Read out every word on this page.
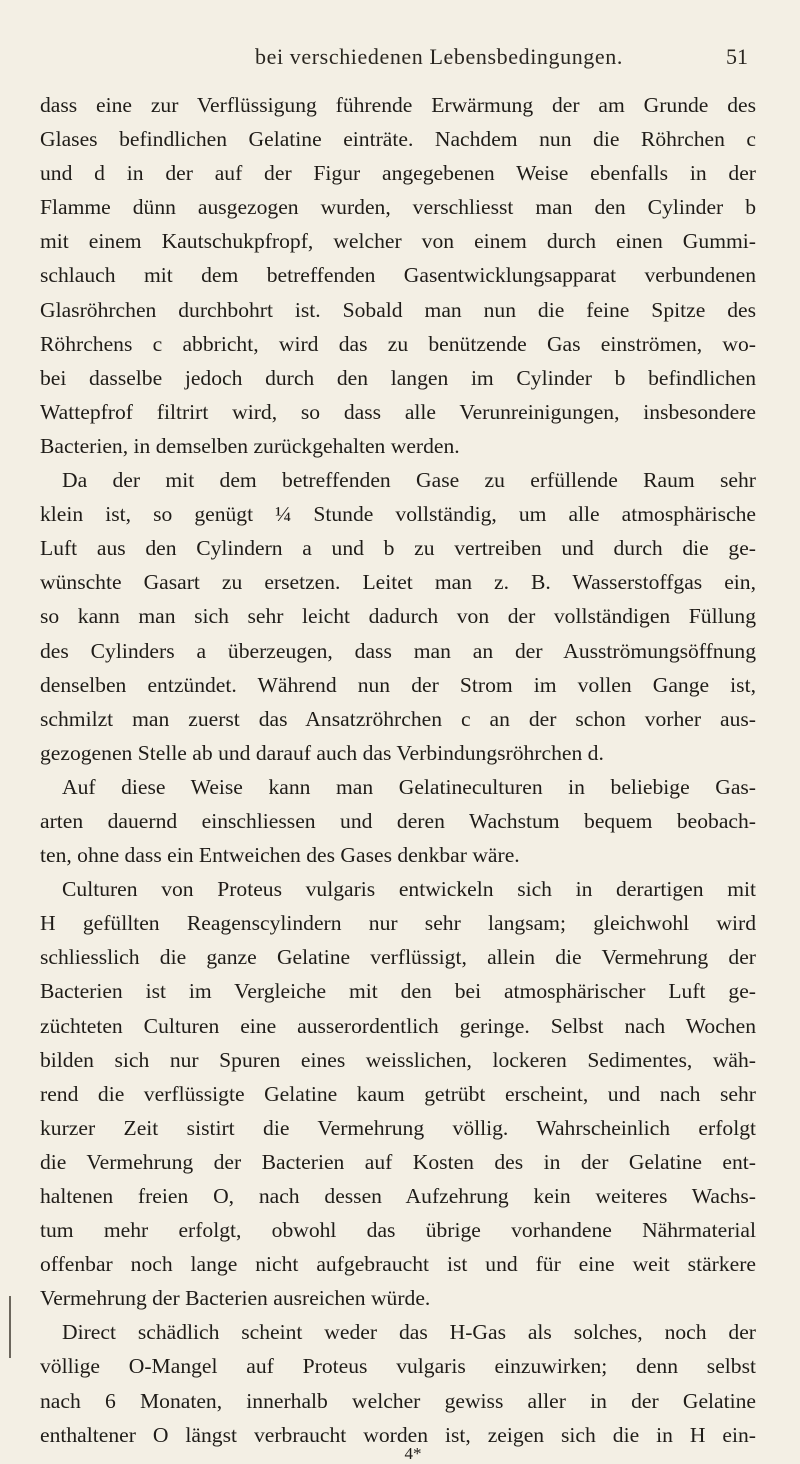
bei verschiedenen Lebensbedingungen.	51
dass eine zur Verflüssigung führende Erwärmung der am Grunde des
Glases befindlichen Gelatine einträte. Nachdem nun die Röhrchen c
und d in der auf der Figur angegebenen Weise ebenfalls in der
Flamme dünn ausgezogen wurden, verschliesst man den Cylinder b
mit einem Kautschukpfropf, welcher von einem durch einen Gummi-
schlauch mit dem betreffenden Gasentwicklungsapparat verbundenen
Glasröhrchen durchbohrt ist. Sobald man nun die feine Spitze des
Röhrchens c abbricht, wird das zu benützende Gas einströmen, wo-
bei dasselbe jedoch durch den langen im Cylinder b befindlichen
Wattepfrof filtrirt wird, so dass alle Verunreinigungen, insbesondere
Bacterien, in demselben zurückgehalten werden.
Da der mit dem betreffenden Gase zu erfüllende Raum sehr
klein ist, so genügt ¼ Stunde vollständig, um alle atmosphärische
Luft aus den Cylindern a und b zu vertreiben und durch die ge-
wünschte Gasart zu ersetzen. Leitet man z. B. Wasserstoffgas ein,
so kann man sich sehr leicht dadurch von der vollständigen Füllung
des Cylinders a überzeugen, dass man an der Ausströmungsöffnung
denselben entzündet. Während nun der Strom im vollen Gange ist,
schmilzt man zuerst das Ansatzröhrchen c an der schon vorher aus-
gezogenen Stelle ab und darauf auch das Verbindungsröhrchen d.
Auf diese Weise kann man Gelatineculturen in beliebige Gas-
arten dauernd einschliessen und deren Wachstum bequem beobach-
ten, ohne dass ein Entweichen des Gases denkbar wäre.
Culturen von Proteus vulgaris entwickeln sich in derartigen mit
H gefüllten Reagenscylindern nur sehr langsam; gleichwohl wird
schliesslich die ganze Gelatine verflüssigt, allein die Vermehrung der
Bacterien ist im Vergleiche mit den bei atmosphärischer Luft ge-
züchteten Culturen eine ausserordentlich geringe. Selbst nach Wochen
bilden sich nur Spuren eines weisslichen, lockeren Sedimentes, wäh-
rend die verflüssigte Gelatine kaum getrübt erscheint, und nach sehr
kurzer Zeit sistirt die Vermehrung völlig. Wahrscheinlich erfolgt
die Vermehrung der Bacterien auf Kosten des in der Gelatine ent-
haltenen freien O, nach dessen Aufzehrung kein weiteres Wachs-
tum mehr erfolgt, obwohl das übrige vorhandene Nährmaterial
offenbar noch lange nicht aufgebraucht ist und für eine weit stärkere
Vermehrung der Bacterien ausreichen würde.
Direct schädlich scheint weder das H-Gas als solches, noch der
völlige O-Mangel auf Proteus vulgaris einzuwirken; denn selbst
nach 6 Monaten, innerhalb welcher gewiss aller in der Gelatine
enthaltener O längst verbraucht worden ist, zeigen sich die in H ein-
4*
